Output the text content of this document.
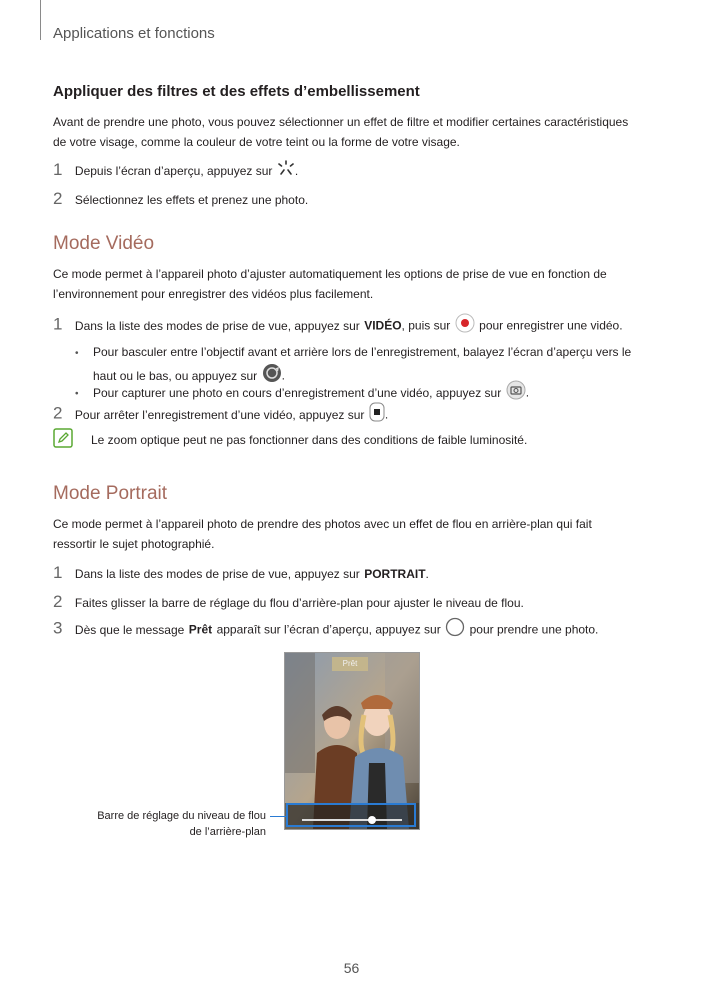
Applications et fonctions
Appliquer des filtres et des effets d’embellissement
Avant de prendre une photo, vous pouvez sélectionner un effet de filtre et modifier certaines caractéristiques
de votre visage, comme la couleur de votre teint ou la forme de votre visage.
1 Depuis l’écran d’aperçu, appuyez sur .
2 Sélectionnez les effets et prenez une photo.
Mode Vidéo
Ce mode permet à l’appareil photo d’ajuster automatiquement les options de prise de vue en fonction de
l’environnement pour enregistrer des vidéos plus facilement.
1 Dans la liste des modes de prise de vue, appuyez sur VIDÉO, puis sur pour enregistrer une vidéo.
• Pour basculer entre l’objectif avant et arrière lors de l’enregistrement, balayez l’écran d’aperçu vers le
haut ou le bas, ou appuyez sur .
• Pour capturer une photo en cours d’enregistrement d’une vidéo, appuyez sur .
2 Pour arrêter l’enregistrement d’une vidéo, appuyez sur .
Le zoom optique peut ne pas fonctionner dans des conditions de faible luminosité.
Mode Portrait
Ce mode permet à l’appareil photo de prendre des photos avec un effet de flou en arrière-plan qui fait
ressortir le sujet photographié.
1 Dans la liste des modes de prise de vue, appuyez sur PORTRAIT.
2 Faites glisser la barre de réglage du flou d’arrière-plan pour ajuster le niveau de flou.
3 Dès que le message Prêt apparaît sur l’écran d’aperçu, appuyez sur pour prendre une photo.
Prêt
Barre de réglage du niveau de flou
de l’arrière-plan
56
